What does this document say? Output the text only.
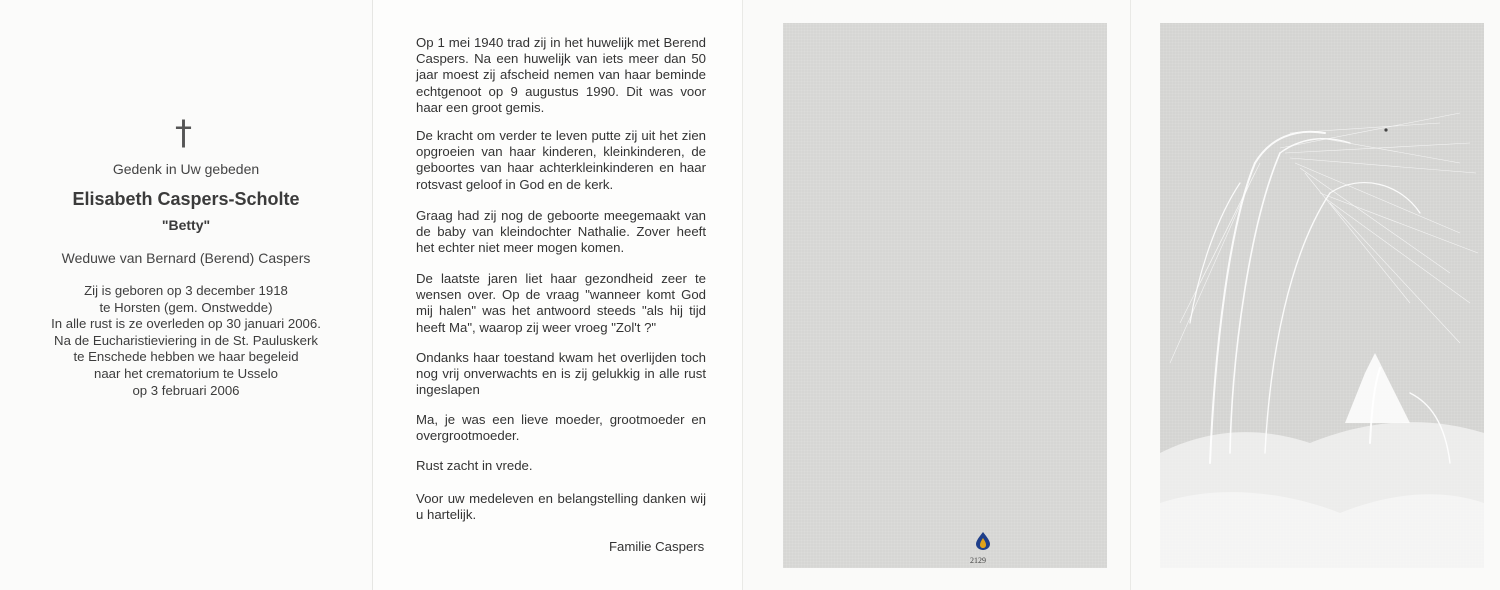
†
Gedenk in Uw gebeden
Elisabeth Caspers-Scholte
"Betty"
Weduwe van Bernard (Berend) Caspers
Zij is geboren op 3 december 1918
te Horsten (gem. Onstwedde)
In alle rust is ze overleden op 30 januari 2006.
Na de Eucharistieviering in de St. Pauluskerk
te Enschede hebben we haar begeleid
naar het crematorium te Usselo
op 3 februari 2006

Op 1 mei 1940 trad zij in het huwelijk met Berend Caspers. Na een huwelijk van iets meer dan 50 jaar moest zij afscheid nemen van haar beminde echtgenoot op 9 augustus 1990. Dit was voor haar een groot gemis.

De kracht om verder te leven putte zij uit het zien opgroeien van haar kinderen, kleinkinderen, de geboortes van haar achterkleinkinderen en haar rotsvast geloof in God en de kerk.

Graag had zij nog de geboorte meegemaakt van de baby van kleindochter Nathalie. Zover heeft het echter niet meer mogen komen.

De laatste jaren liet haar gezondheid zeer te wensen over. Op de vraag "wanneer komt God mij halen" was het antwoord steeds "als hij tijd heeft Ma", waarop zij weer vroeg "Zol't ?"

Ondanks haar toestand kwam het overlijden toch nog vrij onverwachts en is zij gelukkig in alle rust ingeslapen

Ma, je was een lieve moeder, grootmoeder en overgrootmoeder.

Rust zacht in vrede.

Voor uw medeleven en belangstelling danken wij u hartelijk.

Familie Caspers
2129
